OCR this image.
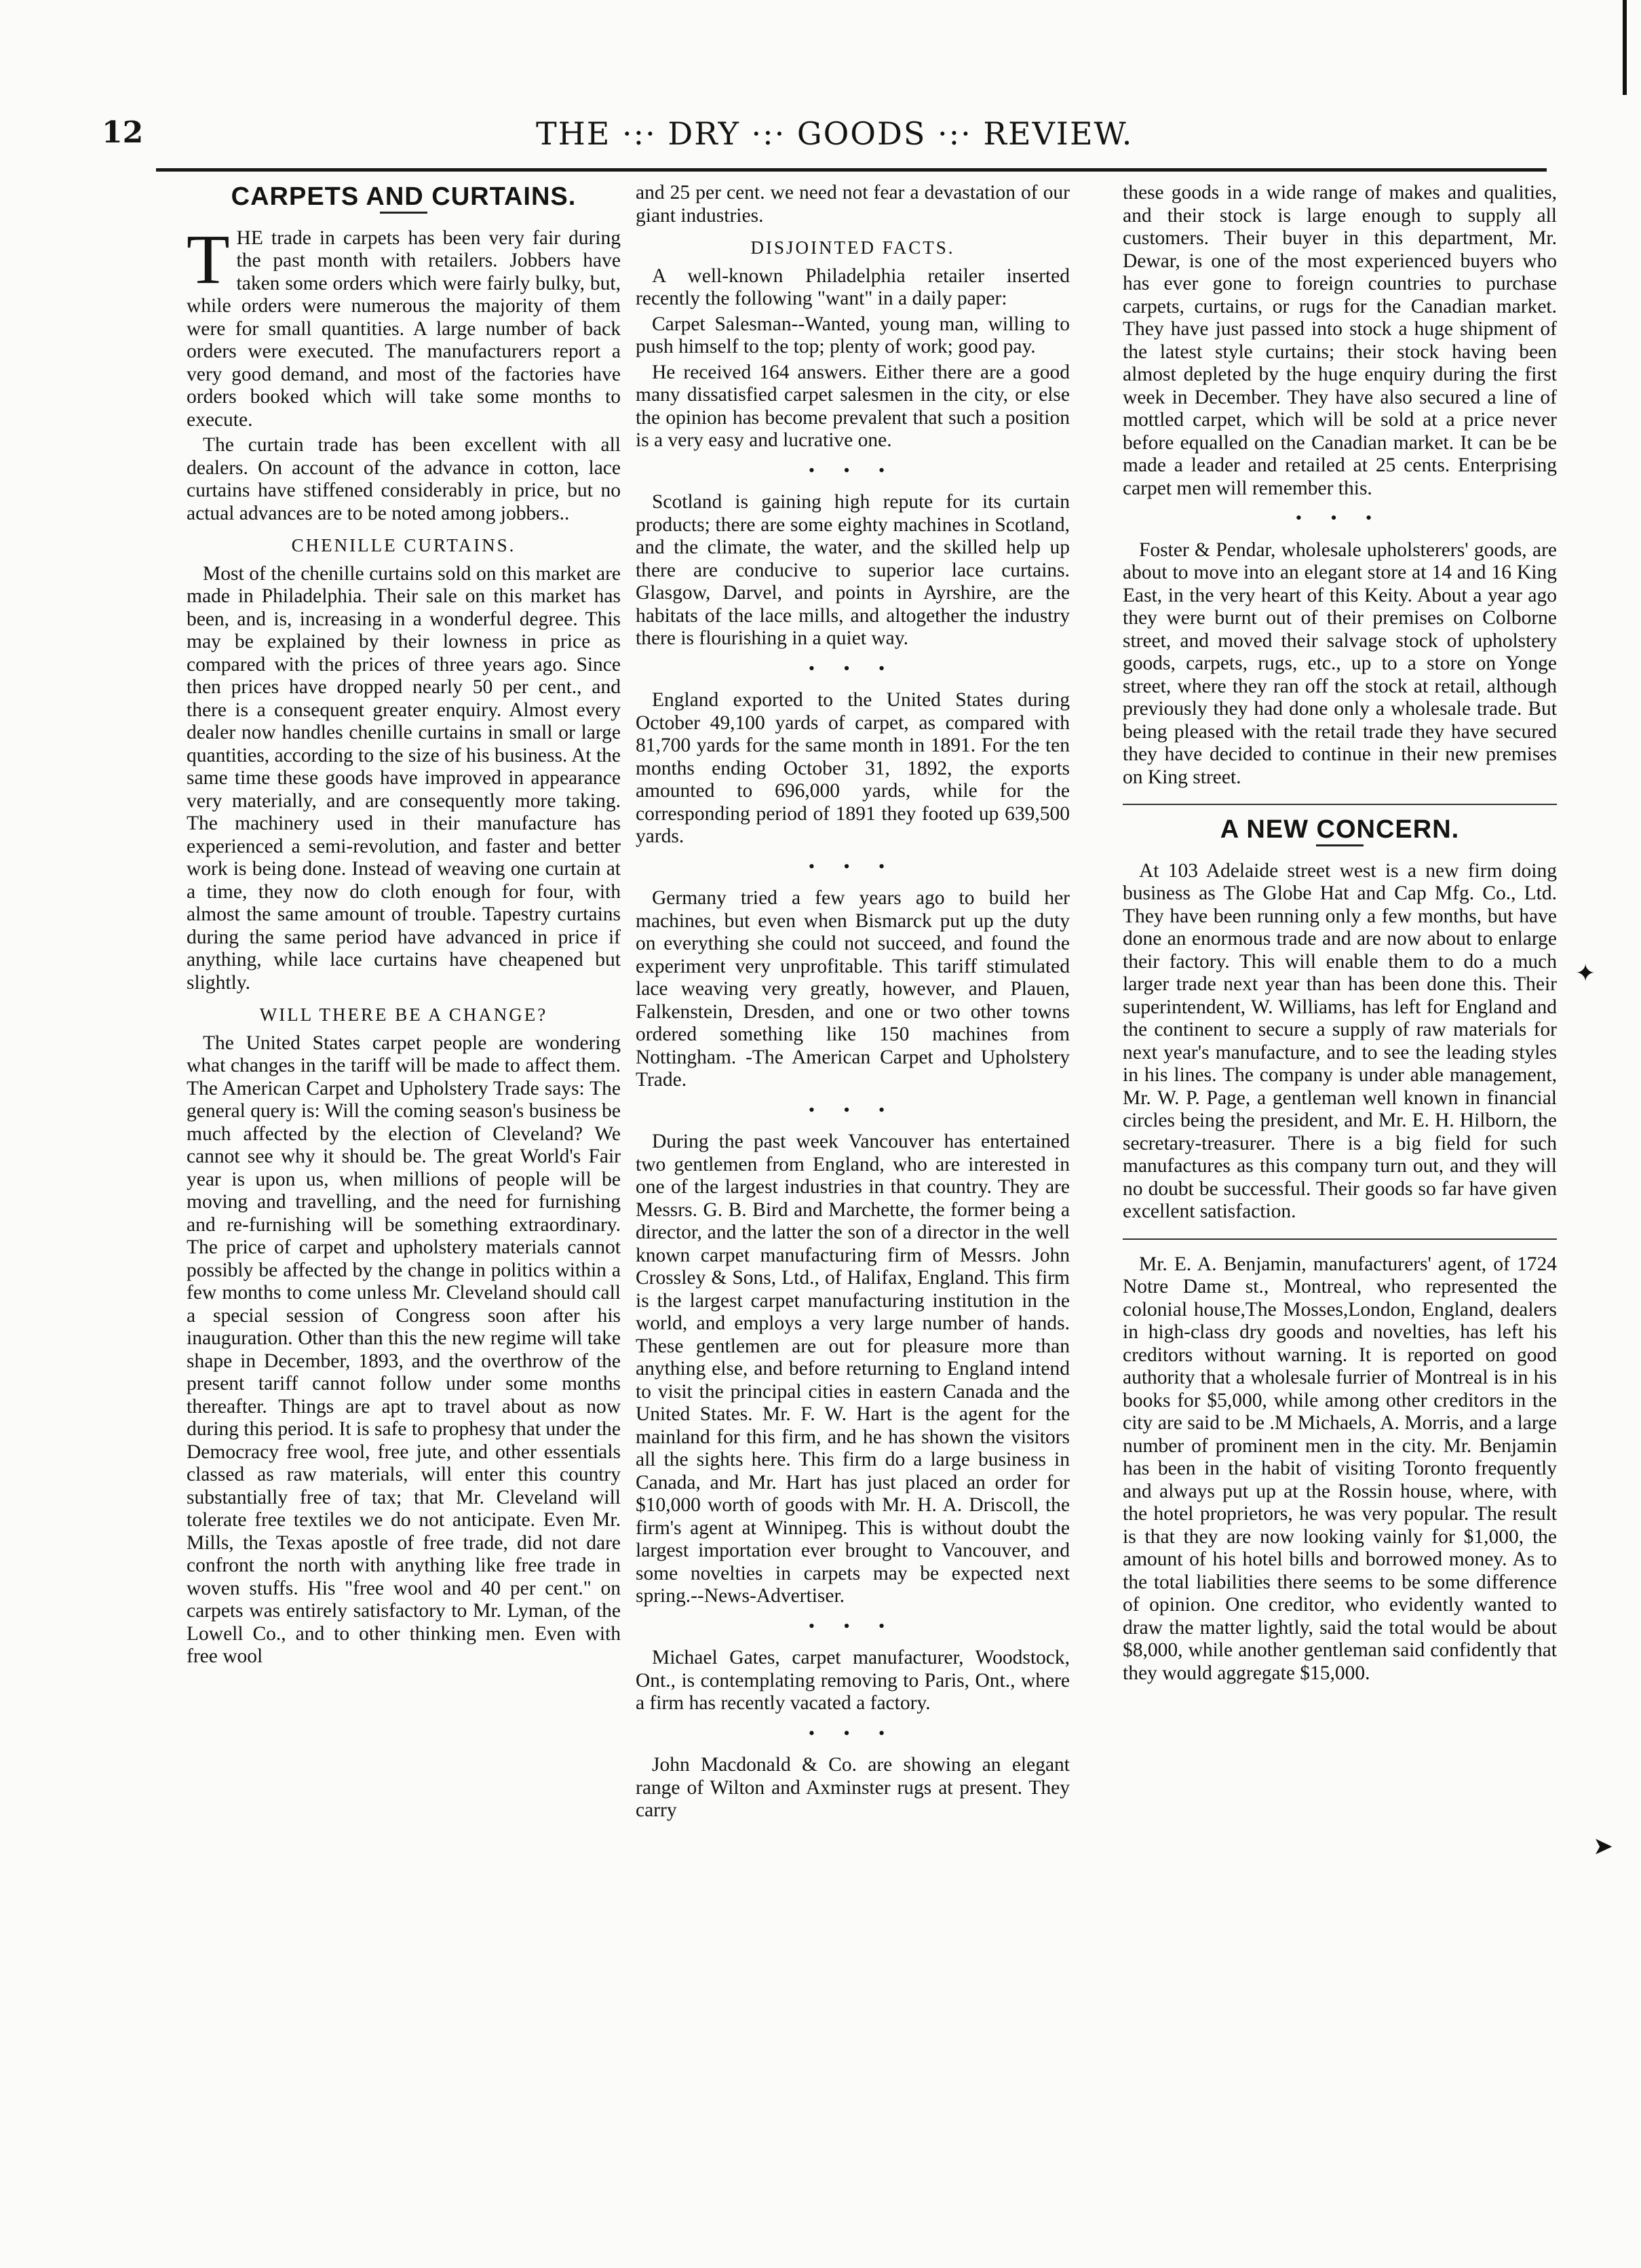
12	THE ·:· DRY ·:· GOODS ·:· REVIEW.
CARPETS AND CURTAINS.

THE trade in carpets has been very fair during the past month with retailers. Jobbers have taken some orders which were fairly bulky, but, while orders were numerous the majority of them were for small quantities. A large number of back orders were executed. The manufacturers report a very good demand, and most of the factories have orders booked which will take some months to execute.

The curtain trade has been excellent with all dealers. On account of the advance in cotton, lace curtains have stiffened considerably in price, but no actual advances are to be noted among jobbers..

CHENILLE CURTAINS.

Most of the chenille curtains sold on this market are made in Philadelphia. Their sale on this market has been, and is, increasing in a wonderful degree. This may be explained by their lowness in price as compared with the prices of three years ago. Since then prices have dropped nearly 50 per cent., and there is a consequent greater enquiry. Almost every dealer now handles chenille curtains in small or large quantities, according to the size of his business. At the same time these goods have improved in appearance very materially, and are consequently more taking. The machinery used in their manufacture has experienced a semi-revolution, and faster and better work is being done. Instead of weaving one curtain at a time, they now do cloth enough for four, with almost the same amount of trouble. Tapestry curtains during the same period have advanced in price if anything, while lace curtains have cheapened but slightly.

WILL THERE BE A CHANGE?

The United States carpet people are wondering what changes in the tariff will be made to affect them. The American Carpet and Upholstery Trade says: The general query is: Will the coming season's business be much affected by the election of Cleveland? We cannot see why it should be. The great World's Fair year is upon us, when millions of people will be moving and travelling, and the need for furnishing and re-furnishing will be something extraordinary. The price of carpet and upholstery materials cannot possibly be affected by the change in politics within a few months to come unless Mr. Cleveland should call a special session of Congress soon after his inauguration. Other than this the new regime will take shape in December, 1893, and the overthrow of the present tariff cannot follow under some months thereafter. Things are apt to travel about as now during this period. It is safe to prophesy that under the Democracy free wool, free jute, and other essentials classed as raw materials, will enter this country substantially free of tax; that Mr. Cleveland will tolerate free textiles we do not anticipate. Even Mr. Mills, the Texas apostle of free trade, did not dare confront the north with anything like free trade in woven stuffs. His "free wool and 40 per cent." on carpets was entirely satisfactory to Mr. Lyman, of the Lowell Co., and to other thinking men. Even with free wool

and 25 per cent. we need not fear a devastation of our giant industries.

DISJOINTED FACTS.

A well-known Philadelphia retailer inserted recently the following "want" in a daily paper:

Carpet Salesman--Wanted, young man, willing to push himself to the top; plenty of work; good pay.

He received 164 answers. Either there are a good many dissatisfied carpet salesmen in the city, or else the opinion has become prevalent that such a position is a very easy and lucrative one.

• • •

Scotland is gaining high repute for its curtain products; there are some eighty machines in Scotland, and the climate, the water, and the skilled help up there are conducive to superior lace curtains. Glasgow, Darvel, and points in Ayrshire, are the habitats of the lace mills, and altogether the industry there is flourishing in a quiet way.

• • •

England exported to the United States during October 49,100 yards of carpet, as compared with 81,700 yards for the same month in 1891. For the ten months ending October 31, 1892, the exports amounted to 696,000 yards, while for the corresponding period of 1891 they footed up 639,500 yards.

• • •

Germany tried a few years ago to build her machines, but even when Bismarck put up the duty on everything she could not succeed, and found the experiment very unprofitable. This tariff stimulated lace weaving very greatly, however, and Plauen, Falkenstein, Dresden, and one or two other towns ordered something like 150 machines from Nottingham. -The American Carpet and Upholstery Trade.

• • •

During the past week Vancouver has entertained two gentlemen from England, who are interested in one of the largest industries in that country. They are Messrs. G. B. Bird and Marchette, the former being a director, and the latter the son of a director in the well known carpet manufacturing firm of Messrs. John Crossley & Sons, Ltd., of Halifax, England. This firm is the largest carpet manufacturing institution in the world, and employs a very large number of hands. These gentlemen are out for pleasure more than anything else, and before returning to England intend to visit the principal cities in eastern Canada and the United States. Mr. F. W. Hart is the agent for the mainland for this firm, and he has shown the visitors all the sights here. This firm do a large business in Canada, and Mr. Hart has just placed an order for $10,000 worth of goods with Mr. H. A. Driscoll, the firm's agent at Winnipeg. This is without doubt the largest importation ever brought to Vancouver, and some novelties in carpets may be expected next spring.--News-Advertiser.

• • •

Michael Gates, carpet manufacturer, Woodstock, Ont., is contemplating removing to Paris, Ont., where a firm has recently vacated a factory.

• • •

John Macdonald & Co. are showing an elegant range of Wilton and Axminster rugs at present. They carry

these goods in a wide range of makes and qualities, and their stock is large enough to supply all customers. Their buyer in this department, Mr. Dewar, is one of the most experienced buyers who has ever gone to foreign countries to purchase carpets, curtains, or rugs for the Canadian market. They have just passed into stock a huge shipment of the latest style curtains; their stock having been almost depleted by the huge enquiry during the first week in December. They have also secured a line of mottled carpet, which will be sold at a price never before equalled on the Canadian market. It can be be made a leader and retailed at 25 cents. Enterprising carpet men will remember this.

• • •

Foster & Pendar, wholesale upholsterers' goods, are about to move into an elegant store at 14 and 16 King East, in the very heart of this Keity. About a year ago they were burnt out of their premises on Colborne street, and moved their salvage stock of upholstery goods, carpets, rugs, etc., up to a store on Yonge street, where they ran off the stock at retail, although previously they had done only a wholesale trade. But being pleased with the retail trade they have secured they have decided to continue in their new premises on King street.

A NEW CONCERN.

At 103 Adelaide street west is a new firm doing business as The Globe Hat and Cap Mfg. Co., Ltd. They have been running only a few months, but have done an enormous trade and are now about to enlarge their factory. This will enable them to do a much larger trade next year than has been done this. Their superintendent, W. Williams, has left for England and the continent to secure a supply of raw materials for next year's manufacture, and to see the leading styles in his lines. The company is under able management, Mr. W. P. Page, a gentleman well known in financial circles being the president, and Mr. E. H. Hilborn, the secretary-treasurer. There is a big field for such manufactures as this company turn out, and they will no doubt be successful. Their goods so far have given excellent satisfaction.

Mr. E. A. Benjamin, manufacturers' agent, of 1724 Notre Dame st., Montreal, who represented the colonial house,The Mosses,London, England, dealers in high-class dry goods and novelties, has left his creditors without warning. It is reported on good authority that a wholesale furrier of Montreal is in his books for $5,000, while among other creditors in the city are said to be .M Michaels, A. Morris, and a large number of prominent men in the city. Mr. Benjamin has been in the habit of visiting Toronto frequently and always put up at the Rossin house, where, with the hotel proprietors, he was very popular. The result is that they are now looking vainly for $1,000, the amount of his hotel bills and borrowed money. As to the total liabilities there seems to be some difference of opinion. One creditor, who evidently wanted to draw the matter lightly, said the total would be about $8,000, while another gentleman said confidently that they would aggregate $15,000.

✦
➤
